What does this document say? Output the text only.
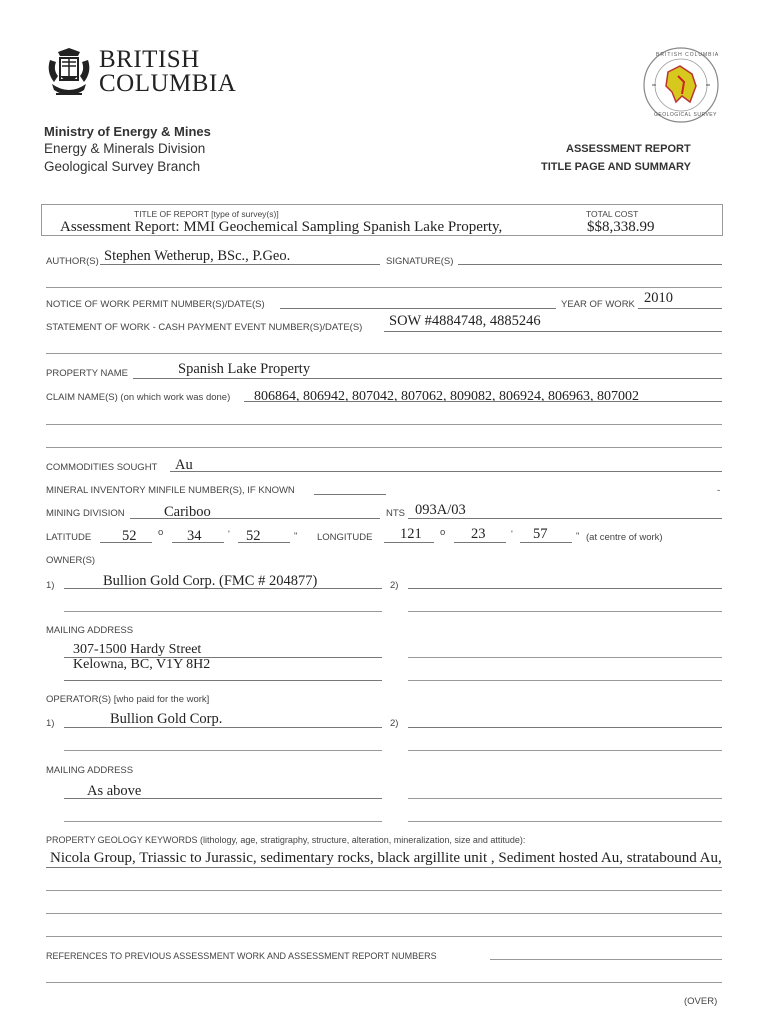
BRITISH
COLUMBIA
BRITISH COLUMBIA
GEOLOGICAL SURVEY
Ministry of Energy & Mines
Energy & Minerals Division
Geological Survey Branch
ASSESSMENT REPORT
TITLE PAGE AND SUMMARY
TITLE OF REPORT [type of survey(s)]
Assessment Report: MMI Geochemical Sampling Spanish Lake Property,
TOTAL COST
$$8,338.99
AUTHOR(S) Stephen Wetherup, BSc., P.Geo.	SIGNATURE(S)
NOTICE OF WORK PERMIT NUMBER(S)/DATE(S)	YEAR OF WORK 2010
STATEMENT OF WORK - CASH PAYMENT EVENT NUMBER(S)/DATE(S) SOW #4884748, 4885246
PROPERTY NAME	Spanish Lake Property
CLAIM NAME(S) (on which work was done) 806864, 806942, 807042, 807062, 809082, 806924, 806963, 807002
COMMODITIES SOUGHT Au
MINERAL INVENTORY MINFILE NUMBER(S), IF KNOWN	-
MINING DIVISION	Cariboo	NTS 093A/03
LATITUDE 52 o 34	' 52	" LONGITUDE 121 o 23	' 57	" (at centre of work)
OWNER(S)
1)	Bullion Gold Corp. (FMC # 204877)	2)
MAILING ADDRESS
307-1500 Hardy Street
Kelowna, BC, V1Y 8H2
OPERATOR(S) [who paid for the work]
1)	Bullion Gold Corp.	2)
MAILING ADDRESS
As above
PROPERTY GEOLOGY KEYWORDS (lithology, age, stratigraphy, structure, alteration, mineralization, size and attitude):
Nicola Group, Triassic to Jurassic, sedimentary rocks, black argillite unit , Sediment hosted Au, stratabound Au,
REFERENCES TO PREVIOUS ASSESSMENT WORK AND ASSESSMENT REPORT NUMBERS
(OVER)
